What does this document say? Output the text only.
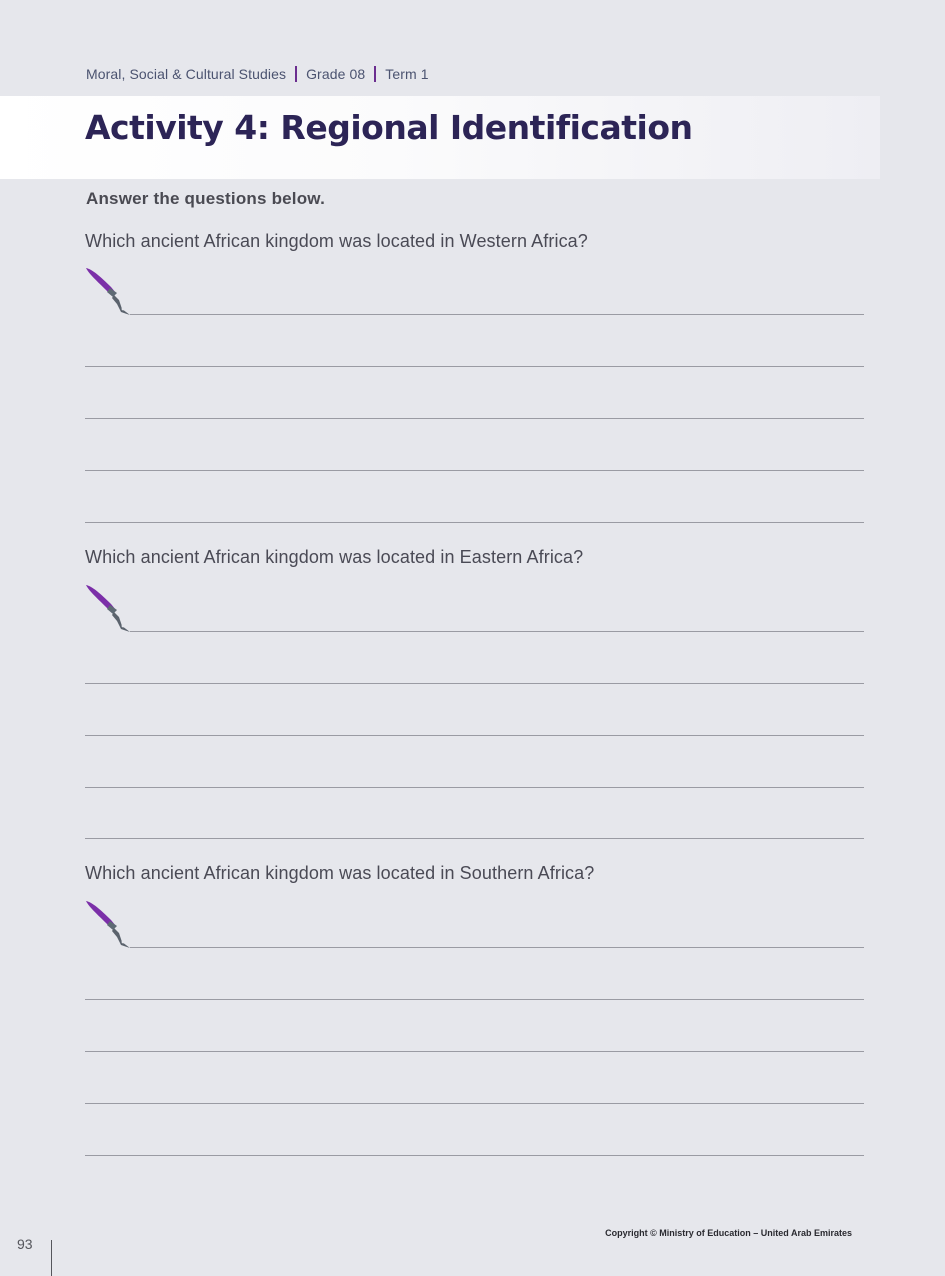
Moral, Social & Cultural Studies Grade 08 Term 1
Activity 4: Regional Identification
Answer the questions below.
Which ancient African kingdom was located in Western Africa?
Which ancient African kingdom was located in Eastern Africa?
Which ancient African kingdom was located in Southern Africa?
Copyright © Ministry of Education – United Arab Emirates
93
